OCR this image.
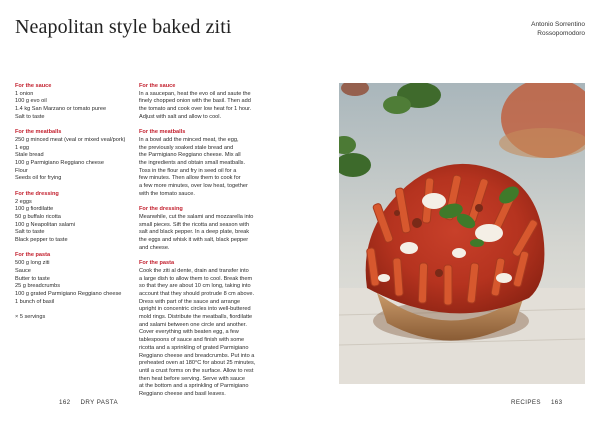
Neapolitan style baked ziti	Antonio Sorrentino
Rossopomodoro
For the sauce
1 onion
100 g evo oil
1.4 kg San Marzano or tomato puree
Salt to taste
For the meatballs
250 g minced meat (veal or mixed veal/pork)
1 egg
Stale bread
100 g Parmigiano Reggiano cheese
Flour
Seeds oil for frying
For the dressing
2 eggs
100 g fiordilatte
50 g buffalo ricotta
100 g Neapolitan salami
Salt to taste
Black pepper to taste
For the pasta
500 g long ziti
Sauce
Butter to taste
25 g breadcrumbs
100 g grated Parmigiano Reggiano cheese
1 bunch of basil
× 5 servings
For the sauce
In a saucepan, heat the evo oil and saute the
finely chopped onion with the basil. Then add
the tomato and cook over low heat for 1 hour.
Adjust with salt and allow to cool.
For the meatballs
In a bowl add the minced meat, the egg,
the previously soaked stale bread and
the Parmigiano Reggiano cheese. Mix all
the ingredients and obtain small meatballs.
Toss in the flour and fry in seed oil for a
few minutes. Then allow them to cook for
a few more minutes, over low heat, together
with the tomato sauce.
For the dressing
Meanwhile, cut the salami and mozzarella into
small pieces. Sift the ricotta and season with
salt and black pepper. In a deep plate, break
the eggs and whisk it with salt, black pepper
and cheese.
For the pasta
Cook the ziti al dente, drain and transfer into
a large dish to allow them to cool. Break them
so that they are about 10 cm long, taking into
account that they should protrude 8 cm above.
Dress with part of the sauce and arrange
upright in concentric circles into well-buttered
mold rings. Distribute the meatballs, fiordilatte
and salami between one circle and another.
Cover everything with beaten egg, a few
tablespoons of sauce and finish with some
ricotta and a sprinkling of grated Parmigiano
Reggiano cheese and breadcrumbs. Put into a
preheated oven at 180°C for about 25 minutes,
until a crust forms on the surface. Allow to rest
then heat before serving. Serve with sauce
at the bottom and a sprinkling of Parmigiano
Reggiano cheese and basil leaves.
162 DRY PASTA	RECIPES 163
